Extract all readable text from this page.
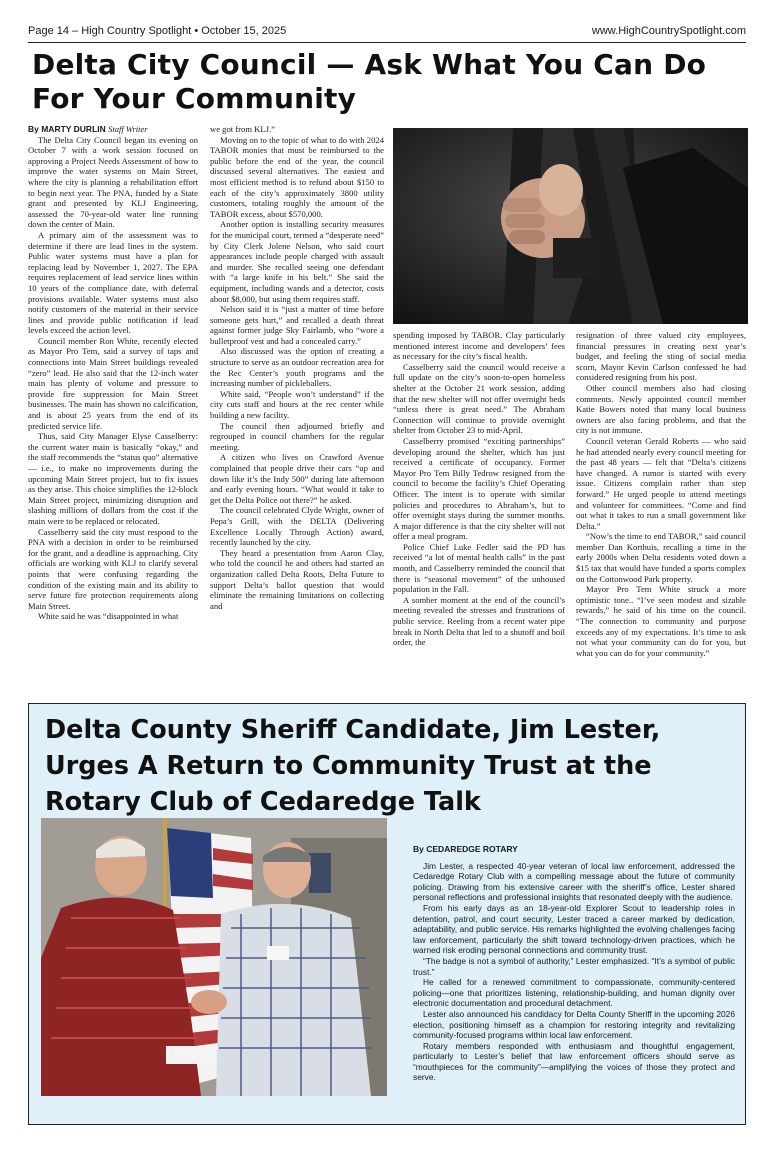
Page 14 – High Country Spotlight • October 15, 2025	www.HighCountrySpotlight.com
Delta City Council — Ask What You Can Do For Your Community

By MARTY DURLIN Staff Writer

The Delta City Council began its evening on October 7 with a work session focused on approving a Project Needs Assessment of how to improve the water systems on Main Street, where the city is planning a rehabilitation effort to begin next year. The PNA, funded by a State grant and presented by KLJ Engineering, assessed the 70-year-old water line running down the center of Main.

A primary aim of the assessment was to determine if there are lead lines in the system. Public water systems must have a plan for replacing lead by November 1, 2027. The EPA requires replacement of lead service lines within 10 years of the compliance date, with deferral provisions available. Water systems must also notify customers of the material in their service lines and provide public notification if lead levels exceed the action level.

Council member Ron White, recently elected as Mayor Pro Tem, said a survey of taps and connections into Main Street buildings revealed “zero” lead. He also said that the 12-inch water main has plenty of volume and pressure to provide fire suppression for Main Street businesses. The main has shown no calcification, and is about 25 years from the end of its predicted service life.

Thus, said City Manager Elyse Casselberry: the current water main is basically “okay,” and the staff recommends the “status quo” alternative — i.e., to make no improvements during the upcoming Main Street project, but to fix issues as they arise. This choice simplifies the 12-block Main Street project, minimizing disruption and slashing millions of dollars from the cost if the main were to be replaced or relocated.

Casselberry said the city must respond to the PNA with a decision in order to be reimbursed for the grant, and a deadline is approaching. City officials are working with KLJ to clarify several points that were confusing regarding the condition of the existing main and its ability to serve future fire protection requirements along Main Street.

White said he was “disappointed in what

we got from KLJ.”

Moving on to the topic of what to do with 2024 TABOR monies that must be reimbursed to the public before the end of the year, the council discussed several alternatives. The easiest and most efficient method is to refund about $150 to each of the city’s approximately 3800 utility customers, totaling roughly the amount of the TABOR excess, about $570,000.

Another option is installing security measures for the municipal court, termed a “desperate need” by City Clerk Jolene Nelson, who said court appearances include people charged with assault and murder. She recalled seeing one defendant with “a large knife in his belt.” She said the equipment, including wands and a detector, costs about $8,000, but using them requires staff.

Nelson said it is “just a matter of time before someone gets hurt,” and recalled a death threat against former judge Sky Fairlamb, who “wore a bulletproof vest and had a concealed carry.”

Also discussed was the option of creating a structure to serve as an outdoor recreation area for the Rec Center’s youth programs and the increasing number of pickleballers.

White said, “People won’t understand” if the city cuts staff and hours at the rec center while building a new facility.

The council then adjourned briefly and regrouped in council chambers for the regular meeting.

A citizen who lives on Crawford Avenue complained that people drive their cars “up and down like it’s the Indy 500” during late afternoon and early evening hours. “What would it take to get the Delta Police out there?” he asked.

The council celebrated Clyde Wright, owner of Pepa’s Grill, with the DELTA (Delivering Excellence Locally Through Action) award, recently launched by the city.

They heard a presentation from Aaron Clay, who told the council he and others had started an organization called Delta Roots, Delta Future to support Delta’s ballot question that would eliminate the remaining limitations on collecting and

spending imposed by TABOR. Clay particularly mentioned interest income and developers’ fees as necessary for the city’s fiscal health.

Casselberry said the council would receive a full update on the city’s soon-to-open homeless shelter at the October 21 work session, adding that the new shelter will not offer overnight beds “unless there is great need.” The Abraham Connection will continue to provide overnight shelter from October 23 to mid-April.

Casselberry promised “exciting partnerships” developing around the shelter, which has just received a certificate of occupancy. Former Mayor Pro Tem Billy Tedrow resigned from the council to become the facility’s Chief Operating Officer. The intent is to operate with similar policies and procedures to Abraham’s, but to offer overnight stays during the summer months. A major difference is that the city shelter will not offer a meal program.

Police Chief Luke Fedler said the PD has received “a lot of mental health calls” in the past month, and Casselberry reminded the council that there is “seasonal movement” of the unhoused population in the Fall.

A somber moment at the end of the council’s meeting revealed the stresses and frustrations of public service. Reeling from a recent water pipe break in North Delta that led to a shutoff and boil order, the

resignation of three valued city employees, financial pressures in creating next year’s budget, and feeling the sting of social media scorn, Mayor Kevin Carlson confessed he had considered resigning from his post.

Other council members also had closing comments. Newly appointed council member Katie Bowers noted that many local business owners are also facing problems, and that the city is not immune.

Council veteran Gerald Roberts — who said he had attended nearly every council meeting for the past 48 years — felt that “Delta’s citizens have changed. A rumor is started with every issue. Citizens complain rather than step forward.” He urged people to attend meetings and volunteer for committees. “Come and find out what it takes to run a small government like Delta.”

“Now’s the time to end TABOR,” said council member Dan Korthuis, recalling a time in the early 2000s when Delta residents voted down a $15 tax that would have funded a sports complex on the Cottonwood Park property.

Mayor Pro Tem White struck a more optimistic tone.. “I’ve seen modest and sizable rewards,” he said of his time on the council. “The connection to community and purpose exceeds any of my expectations. It’s time to ask not what your community can do for you, but what you can do for your community.”

Delta County Sheriff Candidate, Jim Lester, Urges A Return to Community Trust at the Rotary Club of Cedaredge Talk

By CEDAREDGE ROTARY

Jim Lester, a respected 40-year veteran of local law enforcement, addressed the Cedaredge Rotary Club with a compelling message about the future of community policing. Drawing from his extensive career with the sheriff’s office, Lester shared personal reflections and professional insights that resonated deeply with the audience.

From his early days as an 18-year-old Explorer Scout to leadership roles in detention, patrol, and court security, Lester traced a career marked by dedication, adaptability, and public service. His remarks highlighted the evolving challenges facing law enforcement, particularly the shift toward technology-driven practices, which he warned risk eroding personal connections and community trust.

“The badge is not a symbol of authority,” Lester emphasized. “It’s a symbol of public trust.”

He called for a renewed commitment to compassionate, community-centered policing—one that prioritizes listening, relationship-building, and human dignity over electronic documentation and procedural detachment.

Lester also announced his candidacy for Delta County Sheriff in the upcoming 2026 election, positioning himself as a champion for restoring integrity and revitalizing community-focused programs within local law enforcement.

Rotary members responded with enthusiasm and thoughtful engagement, particularly to Lester’s belief that law enforcement officers should serve as “mouthpieces for the community”—amplifying the voices of those they protect and serve.
